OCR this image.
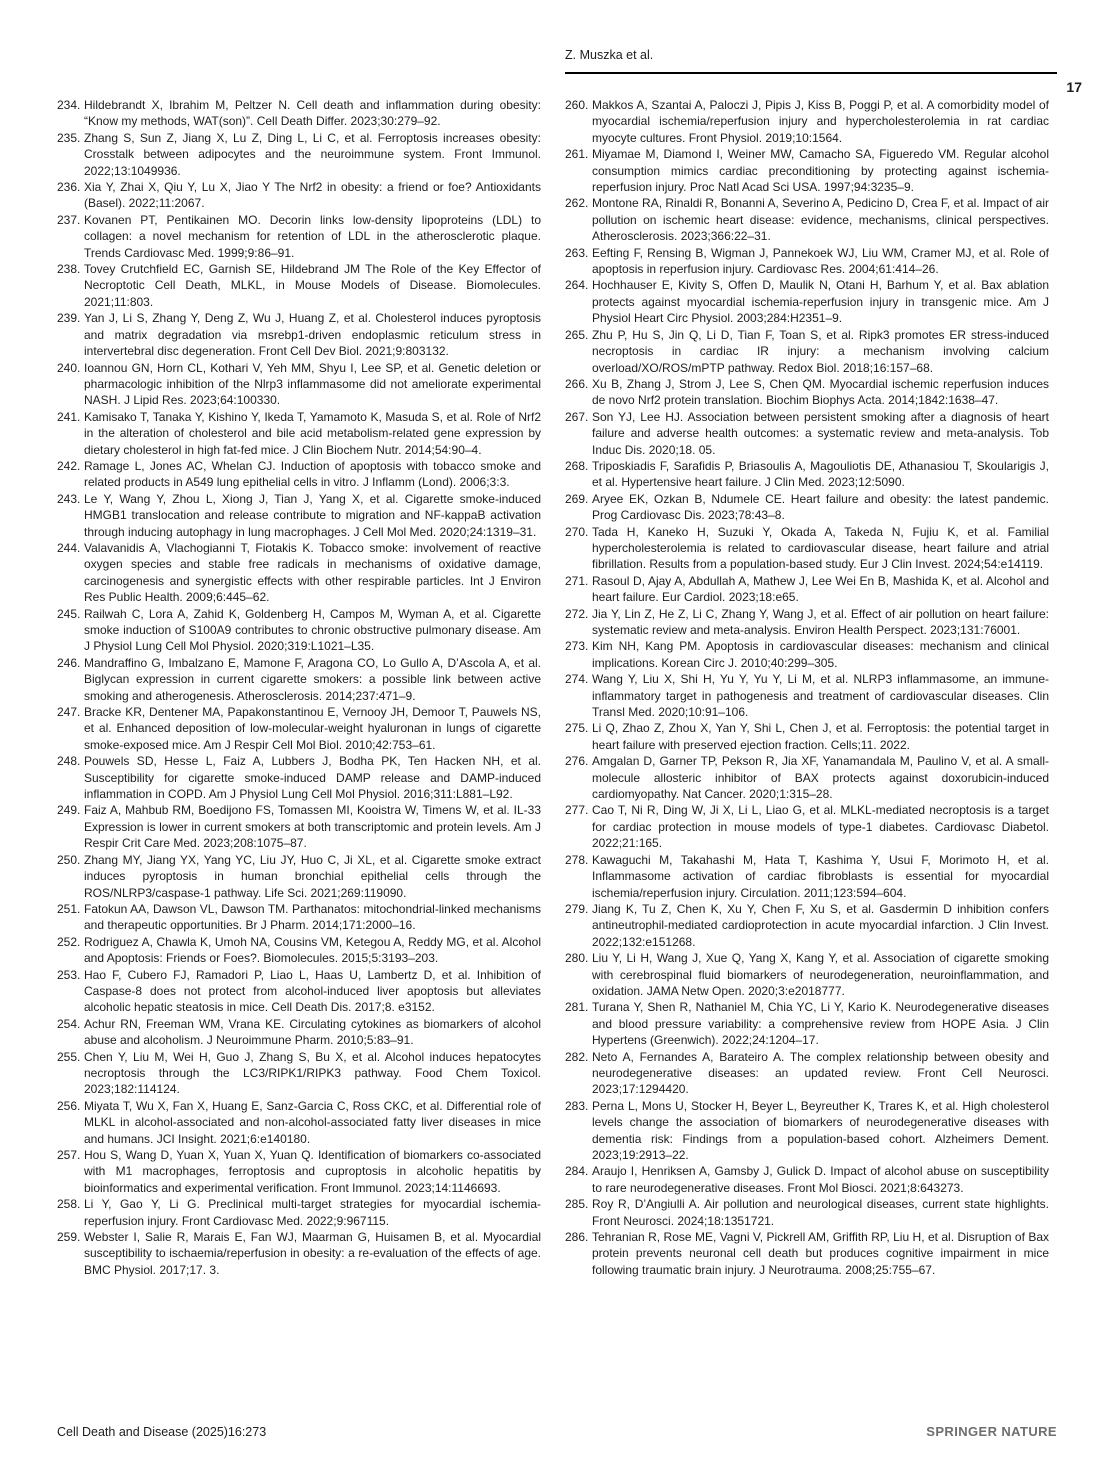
Z. Muszka et al.
17
234. Hildebrandt X, Ibrahim M, Peltzer N. Cell death and inflammation during obesity: “Know my methods, WAT(son)”. Cell Death Differ. 2023;30:279–92.
235. Zhang S, Sun Z, Jiang X, Lu Z, Ding L, Li C, et al. Ferroptosis increases obesity: Crosstalk between adipocytes and the neuroimmune system. Front Immunol. 2022;13:1049936.
236. Xia Y, Zhai X, Qiu Y, Lu X, Jiao Y The Nrf2 in obesity: a friend or foe? Antioxidants (Basel). 2022;11:2067.
237. Kovanen PT, Pentikainen MO. Decorin links low-density lipoproteins (LDL) to collagen: a novel mechanism for retention of LDL in the atherosclerotic plaque. Trends Cardiovasc Med. 1999;9:86–91.
238. Tovey Crutchfield EC, Garnish SE, Hildebrand JM The Role of the Key Effector of Necroptotic Cell Death, MLKL, in Mouse Models of Disease. Biomolecules. 2021;11:803.
239. Yan J, Li S, Zhang Y, Deng Z, Wu J, Huang Z, et al. Cholesterol induces pyroptosis and matrix degradation via msrebp1-driven endoplasmic reticulum stress in intervertebral disc degeneration. Front Cell Dev Biol. 2021;9:803132.
240. Ioannou GN, Horn CL, Kothari V, Yeh MM, Shyu I, Lee SP, et al. Genetic deletion or pharmacologic inhibition of the Nlrp3 inflammasome did not ameliorate experimental NASH. J Lipid Res. 2023;64:100330.
241. Kamisako T, Tanaka Y, Kishino Y, Ikeda T, Yamamoto K, Masuda S, et al. Role of Nrf2 in the alteration of cholesterol and bile acid metabolism-related gene expression by dietary cholesterol in high fat-fed mice. J Clin Biochem Nutr. 2014;54:90–4.
242. Ramage L, Jones AC, Whelan CJ. Induction of apoptosis with tobacco smoke and related products in A549 lung epithelial cells in vitro. J Inflamm (Lond). 2006;3:3.
243. Le Y, Wang Y, Zhou L, Xiong J, Tian J, Yang X, et al. Cigarette smoke-induced HMGB1 translocation and release contribute to migration and NF-kappaB activation through inducing autophagy in lung macrophages. J Cell Mol Med. 2020;24:1319–31.
244. Valavanidis A, Vlachogianni T, Fiotakis K. Tobacco smoke: involvement of reactive oxygen species and stable free radicals in mechanisms of oxidative damage, carcinogenesis and synergistic effects with other respirable particles. Int J Environ Res Public Health. 2009;6:445–62.
245. Railwah C, Lora A, Zahid K, Goldenberg H, Campos M, Wyman A, et al. Cigarette smoke induction of S100A9 contributes to chronic obstructive pulmonary disease. Am J Physiol Lung Cell Mol Physiol. 2020;319:L1021–L35.
246. Mandraffino G, Imbalzano E, Mamone F, Aragona CO, Lo Gullo A, D’Ascola A, et al. Biglycan expression in current cigarette smokers: a possible link between active smoking and atherogenesis. Atherosclerosis. 2014;237:471–9.
247. Bracke KR, Dentener MA, Papakonstantinou E, Vernooy JH, Demoor T, Pauwels NS, et al. Enhanced deposition of low-molecular-weight hyaluronan in lungs of cigarette smoke-exposed mice. Am J Respir Cell Mol Biol. 2010;42:753–61.
248. Pouwels SD, Hesse L, Faiz A, Lubbers J, Bodha PK, Ten Hacken NH, et al. Susceptibility for cigarette smoke-induced DAMP release and DAMP-induced inflammation in COPD. Am J Physiol Lung Cell Mol Physiol. 2016;311:L881–L92.
249. Faiz A, Mahbub RM, Boedijono FS, Tomassen MI, Kooistra W, Timens W, et al. IL-33 Expression is lower in current smokers at both transcriptomic and protein levels. Am J Respir Crit Care Med. 2023;208:1075–87.
250. Zhang MY, Jiang YX, Yang YC, Liu JY, Huo C, Ji XL, et al. Cigarette smoke extract induces pyroptosis in human bronchial epithelial cells through the ROS/NLRP3/caspase-1 pathway. Life Sci. 2021;269:119090.
251. Fatokun AA, Dawson VL, Dawson TM. Parthanatos: mitochondrial-linked mechanisms and therapeutic opportunities. Br J Pharm. 2014;171:2000–16.
252. Rodriguez A, Chawla K, Umoh NA, Cousins VM, Ketegou A, Reddy MG, et al. Alcohol and Apoptosis: Friends or Foes?. Biomolecules. 2015;5:3193–203.
253. Hao F, Cubero FJ, Ramadori P, Liao L, Haas U, Lambertz D, et al. Inhibition of Caspase-8 does not protect from alcohol-induced liver apoptosis but alleviates alcoholic hepatic steatosis in mice. Cell Death Dis. 2017;8. e3152.
254. Achur RN, Freeman WM, Vrana KE. Circulating cytokines as biomarkers of alcohol abuse and alcoholism. J Neuroimmune Pharm. 2010;5:83–91.
255. Chen Y, Liu M, Wei H, Guo J, Zhang S, Bu X, et al. Alcohol induces hepatocytes necroptosis through the LC3/RIPK1/RIPK3 pathway. Food Chem Toxicol. 2023;182:114124.
256. Miyata T, Wu X, Fan X, Huang E, Sanz-Garcia C, Ross CKC, et al. Differential role of MLKL in alcohol-associated and non-alcohol-associated fatty liver diseases in mice and humans. JCI Insight. 2021;6:e140180.
257. Hou S, Wang D, Yuan X, Yuan X, Yuan Q. Identification of biomarkers co-associated with M1 macrophages, ferroptosis and cuproptosis in alcoholic hepatitis by bioinformatics and experimental verification. Front Immunol. 2023;14:1146693.
258. Li Y, Gao Y, Li G. Preclinical multi-target strategies for myocardial ischemia-reperfusion injury. Front Cardiovasc Med. 2022;9:967115.
259. Webster I, Salie R, Marais E, Fan WJ, Maarman G, Huisamen B, et al. Myocardial susceptibility to ischaemia/reperfusion in obesity: a re-evaluation of the effects of age. BMC Physiol. 2017;17. 3.
260. Makkos A, Szantai A, Paloczi J, Pipis J, Kiss B, Poggi P, et al. A comorbidity model of myocardial ischemia/reperfusion injury and hypercholesterolemia in rat cardiac myocyte cultures. Front Physiol. 2019;10:1564.
261. Miyamae M, Diamond I, Weiner MW, Camacho SA, Figueredo VM. Regular alcohol consumption mimics cardiac preconditioning by protecting against ischemia-reperfusion injury. Proc Natl Acad Sci USA. 1997;94:3235–9.
262. Montone RA, Rinaldi R, Bonanni A, Severino A, Pedicino D, Crea F, et al. Impact of air pollution on ischemic heart disease: evidence, mechanisms, clinical perspectives. Atherosclerosis. 2023;366:22–31.
263. Eefting F, Rensing B, Wigman J, Pannekoek WJ, Liu WM, Cramer MJ, et al. Role of apoptosis in reperfusion injury. Cardiovasc Res. 2004;61:414–26.
264. Hochhauser E, Kivity S, Offen D, Maulik N, Otani H, Barhum Y, et al. Bax ablation protects against myocardial ischemia-reperfusion injury in transgenic mice. Am J Physiol Heart Circ Physiol. 2003;284:H2351–9.
265. Zhu P, Hu S, Jin Q, Li D, Tian F, Toan S, et al. Ripk3 promotes ER stress-induced necroptosis in cardiac IR injury: a mechanism involving calcium overload/XO/ROS/mPTP pathway. Redox Biol. 2018;16:157–68.
266. Xu B, Zhang J, Strom J, Lee S, Chen QM. Myocardial ischemic reperfusion induces de novo Nrf2 protein translation. Biochim Biophys Acta. 2014;1842:1638–47.
267. Son YJ, Lee HJ. Association between persistent smoking after a diagnosis of heart failure and adverse health outcomes: a systematic review and meta-analysis. Tob Induc Dis. 2020;18. 05.
268. Triposkiadis F, Sarafidis P, Briasoulis A, Magouliotis DE, Athanasiou T, Skoularigis J, et al. Hypertensive heart failure. J Clin Med. 2023;12:5090.
269. Aryee EK, Ozkan B, Ndumele CE. Heart failure and obesity: the latest pandemic. Prog Cardiovasc Dis. 2023;78:43–8.
270. Tada H, Kaneko H, Suzuki Y, Okada A, Takeda N, Fujiu K, et al. Familial hypercholesterolemia is related to cardiovascular disease, heart failure and atrial fibrillation. Results from a population-based study. Eur J Clin Invest. 2024;54:e14119.
271. Rasoul D, Ajay A, Abdullah A, Mathew J, Lee Wei En B, Mashida K, et al. Alcohol and heart failure. Eur Cardiol. 2023;18:e65.
272. Jia Y, Lin Z, He Z, Li C, Zhang Y, Wang J, et al. Effect of air pollution on heart failure: systematic review and meta-analysis. Environ Health Perspect. 2023;131:76001.
273. Kim NH, Kang PM. Apoptosis in cardiovascular diseases: mechanism and clinical implications. Korean Circ J. 2010;40:299–305.
274. Wang Y, Liu X, Shi H, Yu Y, Yu Y, Li M, et al. NLRP3 inflammasome, an immune-inflammatory target in pathogenesis and treatment of cardiovascular diseases. Clin Transl Med. 2020;10:91–106.
275. Li Q, Zhao Z, Zhou X, Yan Y, Shi L, Chen J, et al. Ferroptosis: the potential target in heart failure with preserved ejection fraction. Cells;11. 2022.
276. Amgalan D, Garner TP, Pekson R, Jia XF, Yanamandala M, Paulino V, et al. A small-molecule allosteric inhibitor of BAX protects against doxorubicin-induced cardiomyopathy. Nat Cancer. 2020;1:315–28.
277. Cao T, Ni R, Ding W, Ji X, Li L, Liao G, et al. MLKL-mediated necroptosis is a target for cardiac protection in mouse models of type-1 diabetes. Cardiovasc Diabetol. 2022;21:165.
278. Kawaguchi M, Takahashi M, Hata T, Kashima Y, Usui F, Morimoto H, et al. Inflammasome activation of cardiac fibroblasts is essential for myocardial ischemia/reperfusion injury. Circulation. 2011;123:594–604.
279. Jiang K, Tu Z, Chen K, Xu Y, Chen F, Xu S, et al. Gasdermin D inhibition confers antineutrophil-mediated cardioprotection in acute myocardial infarction. J Clin Invest. 2022;132:e151268.
280. Liu Y, Li H, Wang J, Xue Q, Yang X, Kang Y, et al. Association of cigarette smoking with cerebrospinal fluid biomarkers of neurodegeneration, neuroinflammation, and oxidation. JAMA Netw Open. 2020;3:e2018777.
281. Turana Y, Shen R, Nathaniel M, Chia YC, Li Y, Kario K. Neurodegenerative diseases and blood pressure variability: a comprehensive review from HOPE Asia. J Clin Hypertens (Greenwich). 2022;24:1204–17.
282. Neto A, Fernandes A, Barateiro A. The complex relationship between obesity and neurodegenerative diseases: an updated review. Front Cell Neurosci. 2023;17:1294420.
283. Perna L, Mons U, Stocker H, Beyer L, Beyreuther K, Trares K, et al. High cholesterol levels change the association of biomarkers of neurodegenerative diseases with dementia risk: Findings from a population-based cohort. Alzheimers Dement. 2023;19:2913–22.
284. Araujo I, Henriksen A, Gamsby J, Gulick D. Impact of alcohol abuse on susceptibility to rare neurodegenerative diseases. Front Mol Biosci. 2021;8:643273.
285. Roy R, D’Angiulli A. Air pollution and neurological diseases, current state highlights. Front Neurosci. 2024;18:1351721.
286. Tehranian R, Rose ME, Vagni V, Pickrell AM, Griffith RP, Liu H, et al. Disruption of Bax protein prevents neuronal cell death but produces cognitive impairment in mice following traumatic brain injury. J Neurotrauma. 2008;25:755–67.
Cell Death and Disease (2025)16:273	SPRINGER NATURE
